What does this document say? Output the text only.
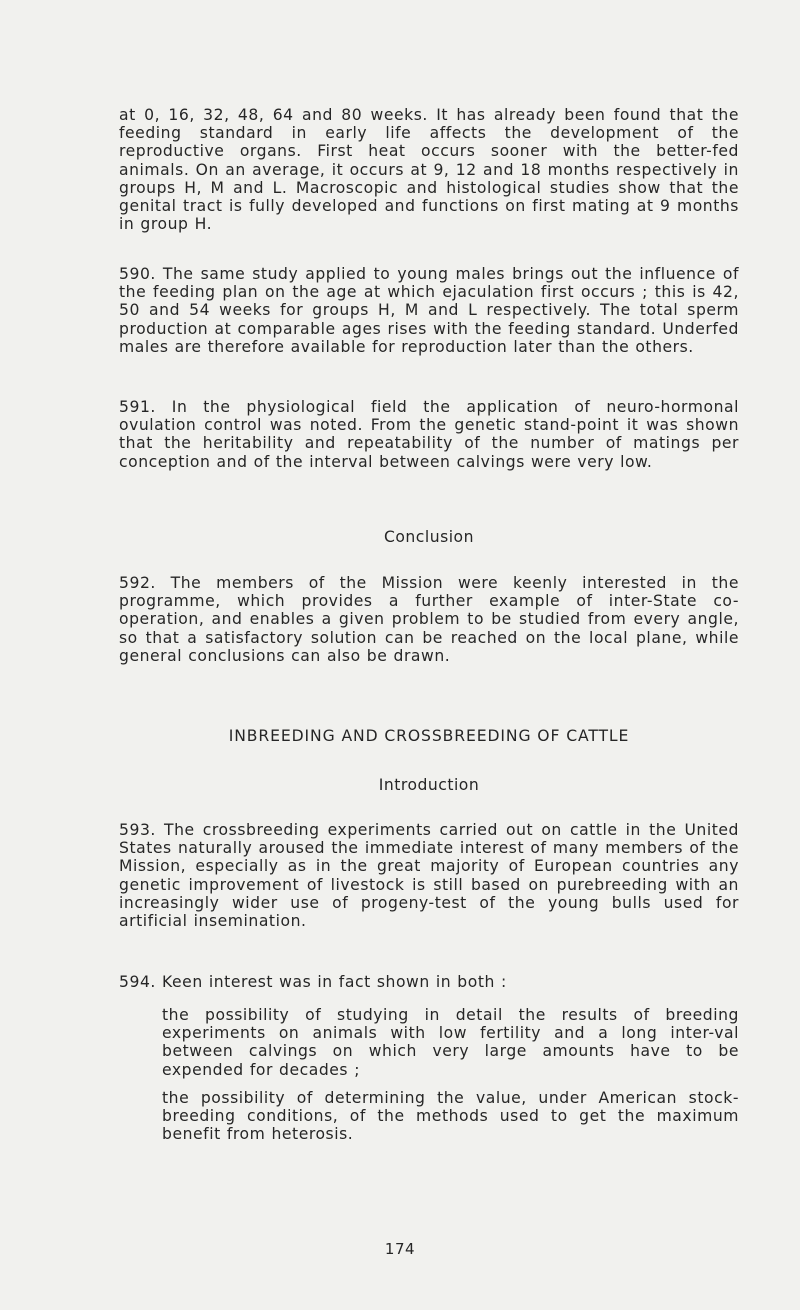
at 0, 16, 32, 48, 64 and 80 weeks. It has already been found that the feeding standard in early life affects the development of the reproductive organs. First heat occurs sooner with the better-fed animals. On an average, it occurs at 9, 12 and 18 months respectively in groups H, M and L. Macroscopic and histological studies show that the genital tract is fully developed and functions on first mating at 9 months in group H.

590. The same study applied to young males brings out the influence of the feeding plan on the age at which ejaculation first occurs ; this is 42, 50 and 54 weeks for groups H, M and L respectively. The total sperm production at comparable ages rises with the feeding standard. Underfed males are therefore available for reproduction later than the others.

591. In the physiological field the application of neuro-hormonal ovulation control was noted. From the genetic stand-point it was shown that the heritability and repeatability of the number of matings per conception and of the interval between calvings were very low.

Conclusion

592. The members of the Mission were keenly interested in the programme, which provides a further example of inter-State co-operation, and enables a given problem to be studied from every angle, so that a satisfactory solution can be reached on the local plane, while general conclusions can also be drawn.

INBREEDING AND CROSSBREEDING OF CATTLE
Introduction

593. The crossbreeding experiments carried out on cattle in the United States naturally aroused the immediate interest of many members of the Mission, especially as in the great majority of European countries any genetic improvement of livestock is still based on purebreeding with an increasingly wider use of progeny-test of the young bulls used for artificial insemination.

594. Keen interest was in fact shown in both :

the possibility of studying in detail the results of breeding experiments on animals with low fertility and a long inter-val between calvings on which very large amounts have to be expended for decades ;

the possibility of determining the value, under American stock-breeding conditions, of the methods used to get the maximum benefit from heterosis.

174
